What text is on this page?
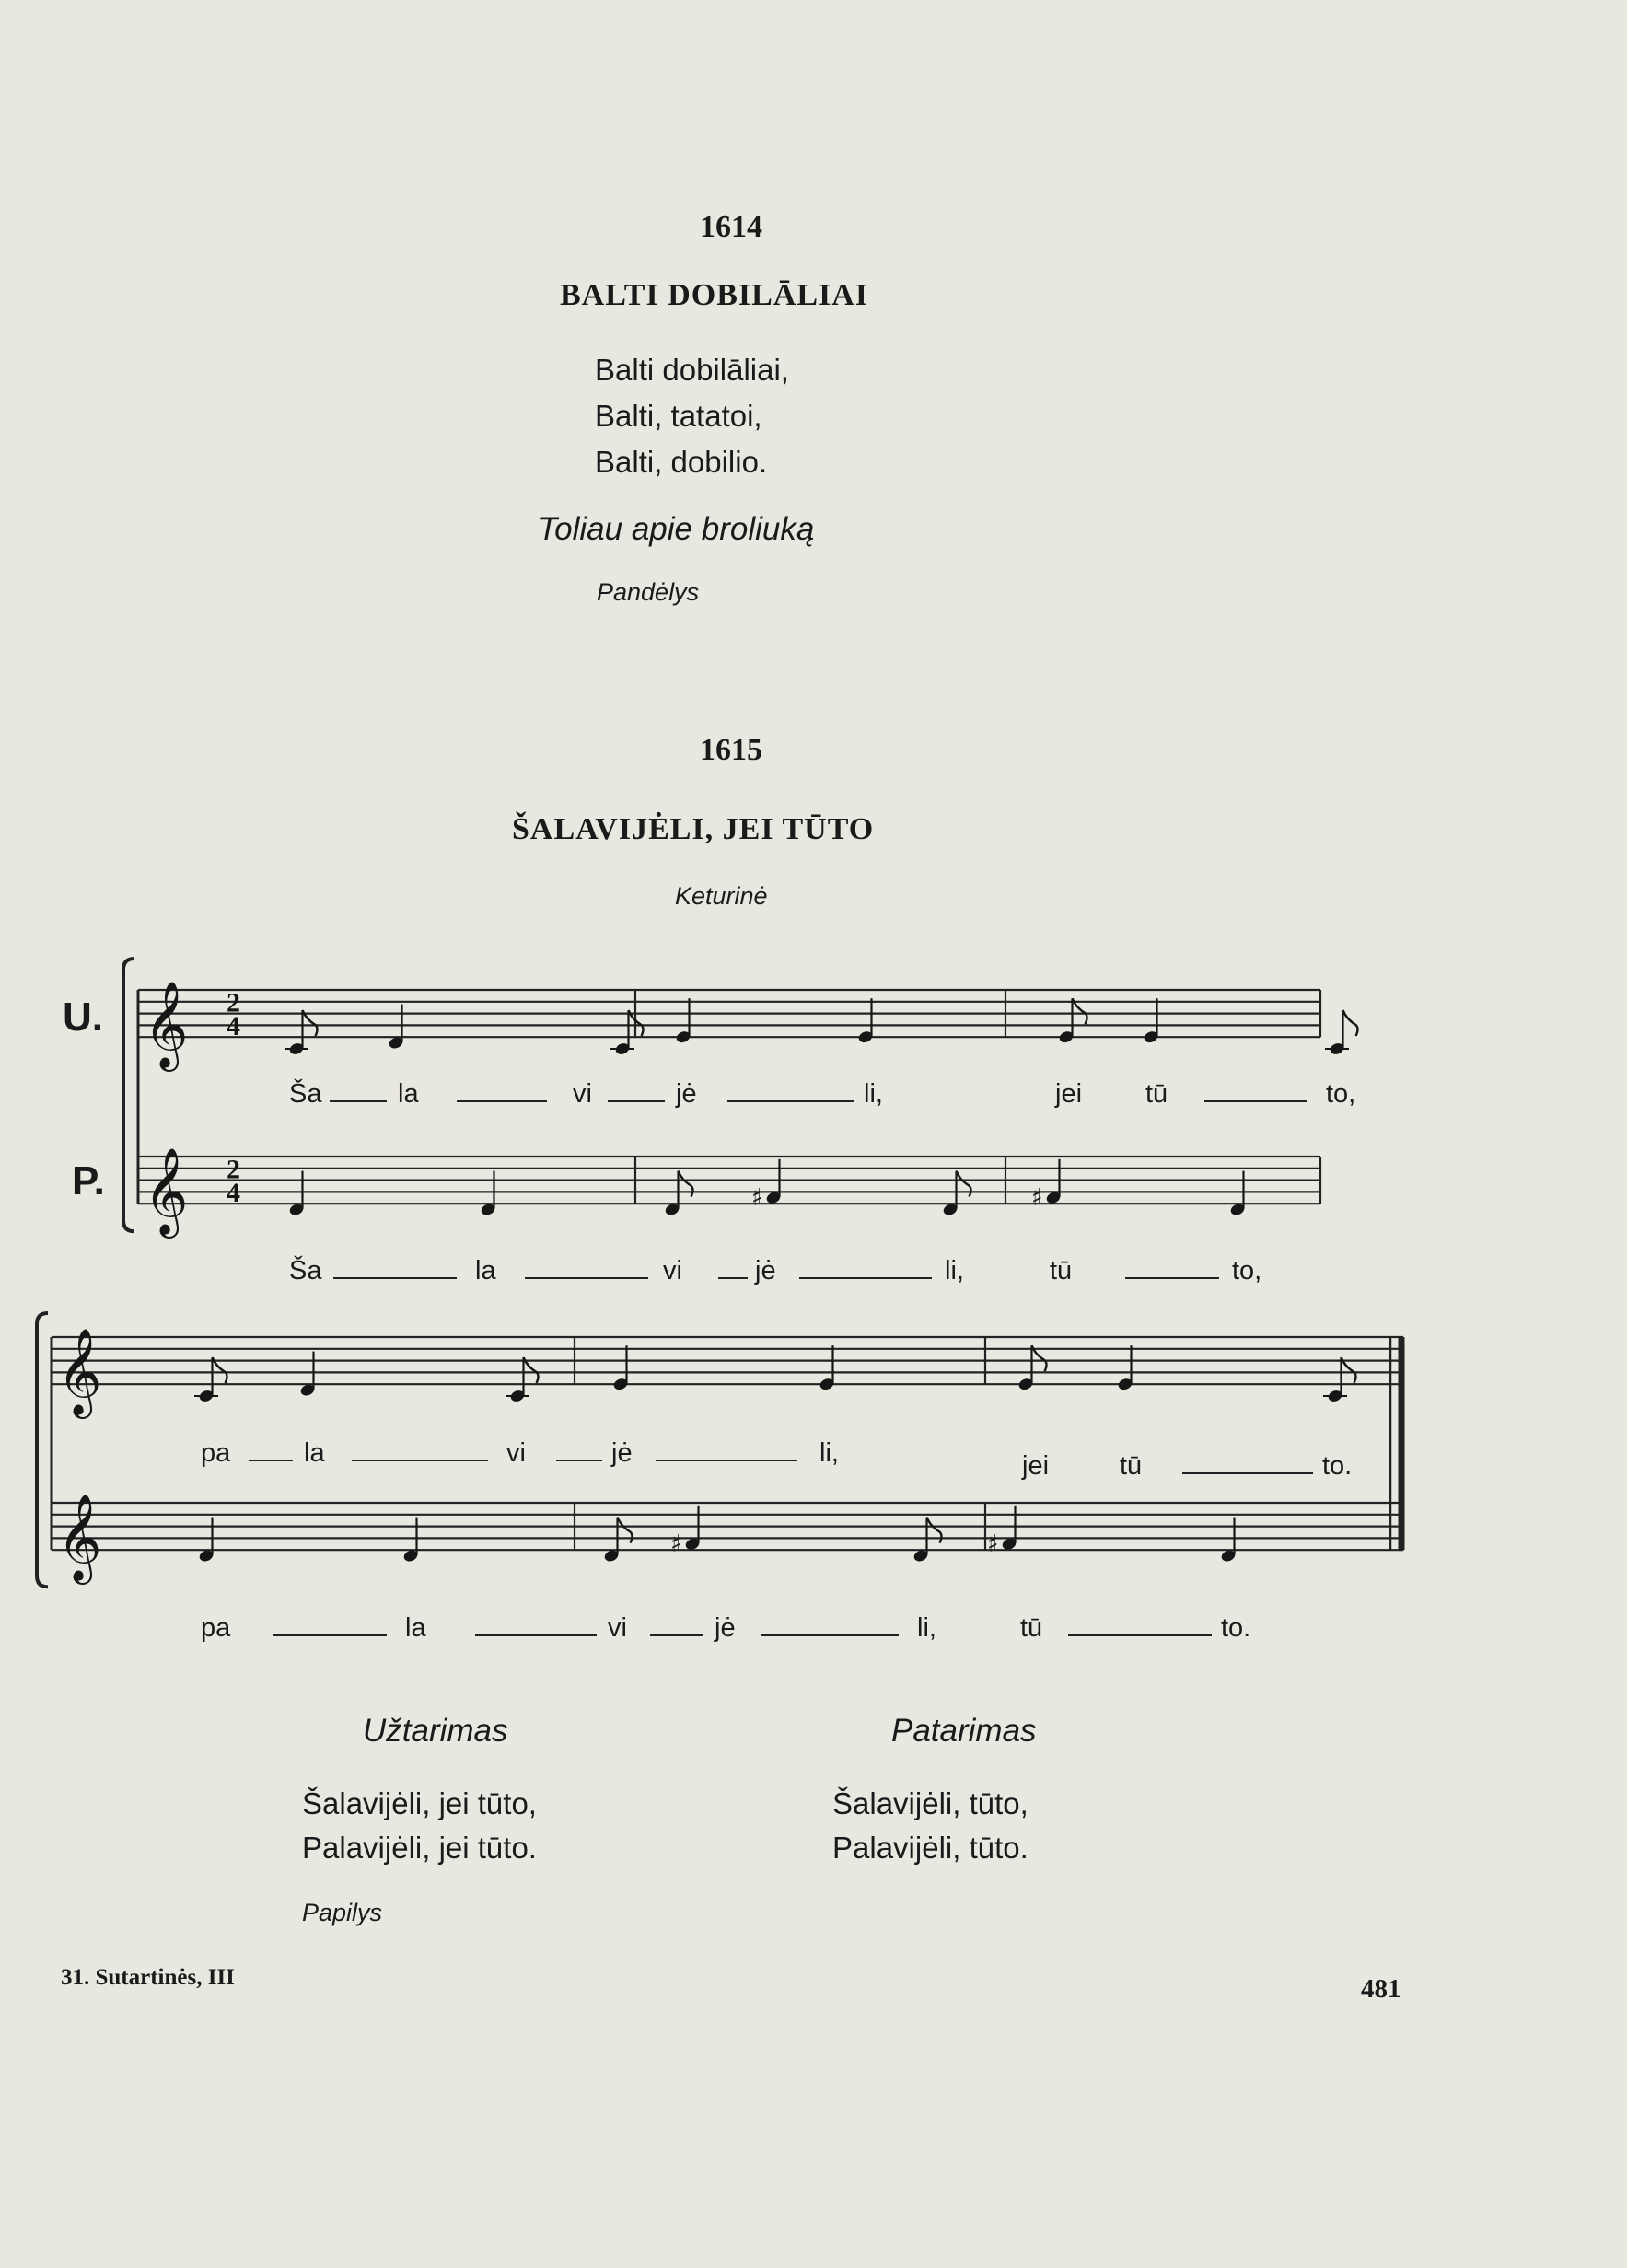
1614
BALTI DOBILĀLIAI
Balti dobilāliai,
Balti, tatatoi,
Balti, dobilio.
Toliau apie broliuką
Pandėlys
1615
ŠALAVIJĖLI, JEI TŪTO
Keturinė
U.
P.
𝄞
𝄞
2
4
2
4	♯	♯
𝄞
𝄞	♯	♯
Ša	la	vi	jė	li,	jei tū	to,
Ša	la	vi	jė	li,	tū	to,
pa	la	vi	jė	li,	jei	tū	to.
pa	la	vi	jė	li,	tū	to.
Užtarimas
Šalavijėli, jei tūto,
Palavijėli, jei tūto.
Patarimas
Šalavijėli, tūto,
Palavijėli, tūto.
Papilys
31. Sutartinės, III	481
